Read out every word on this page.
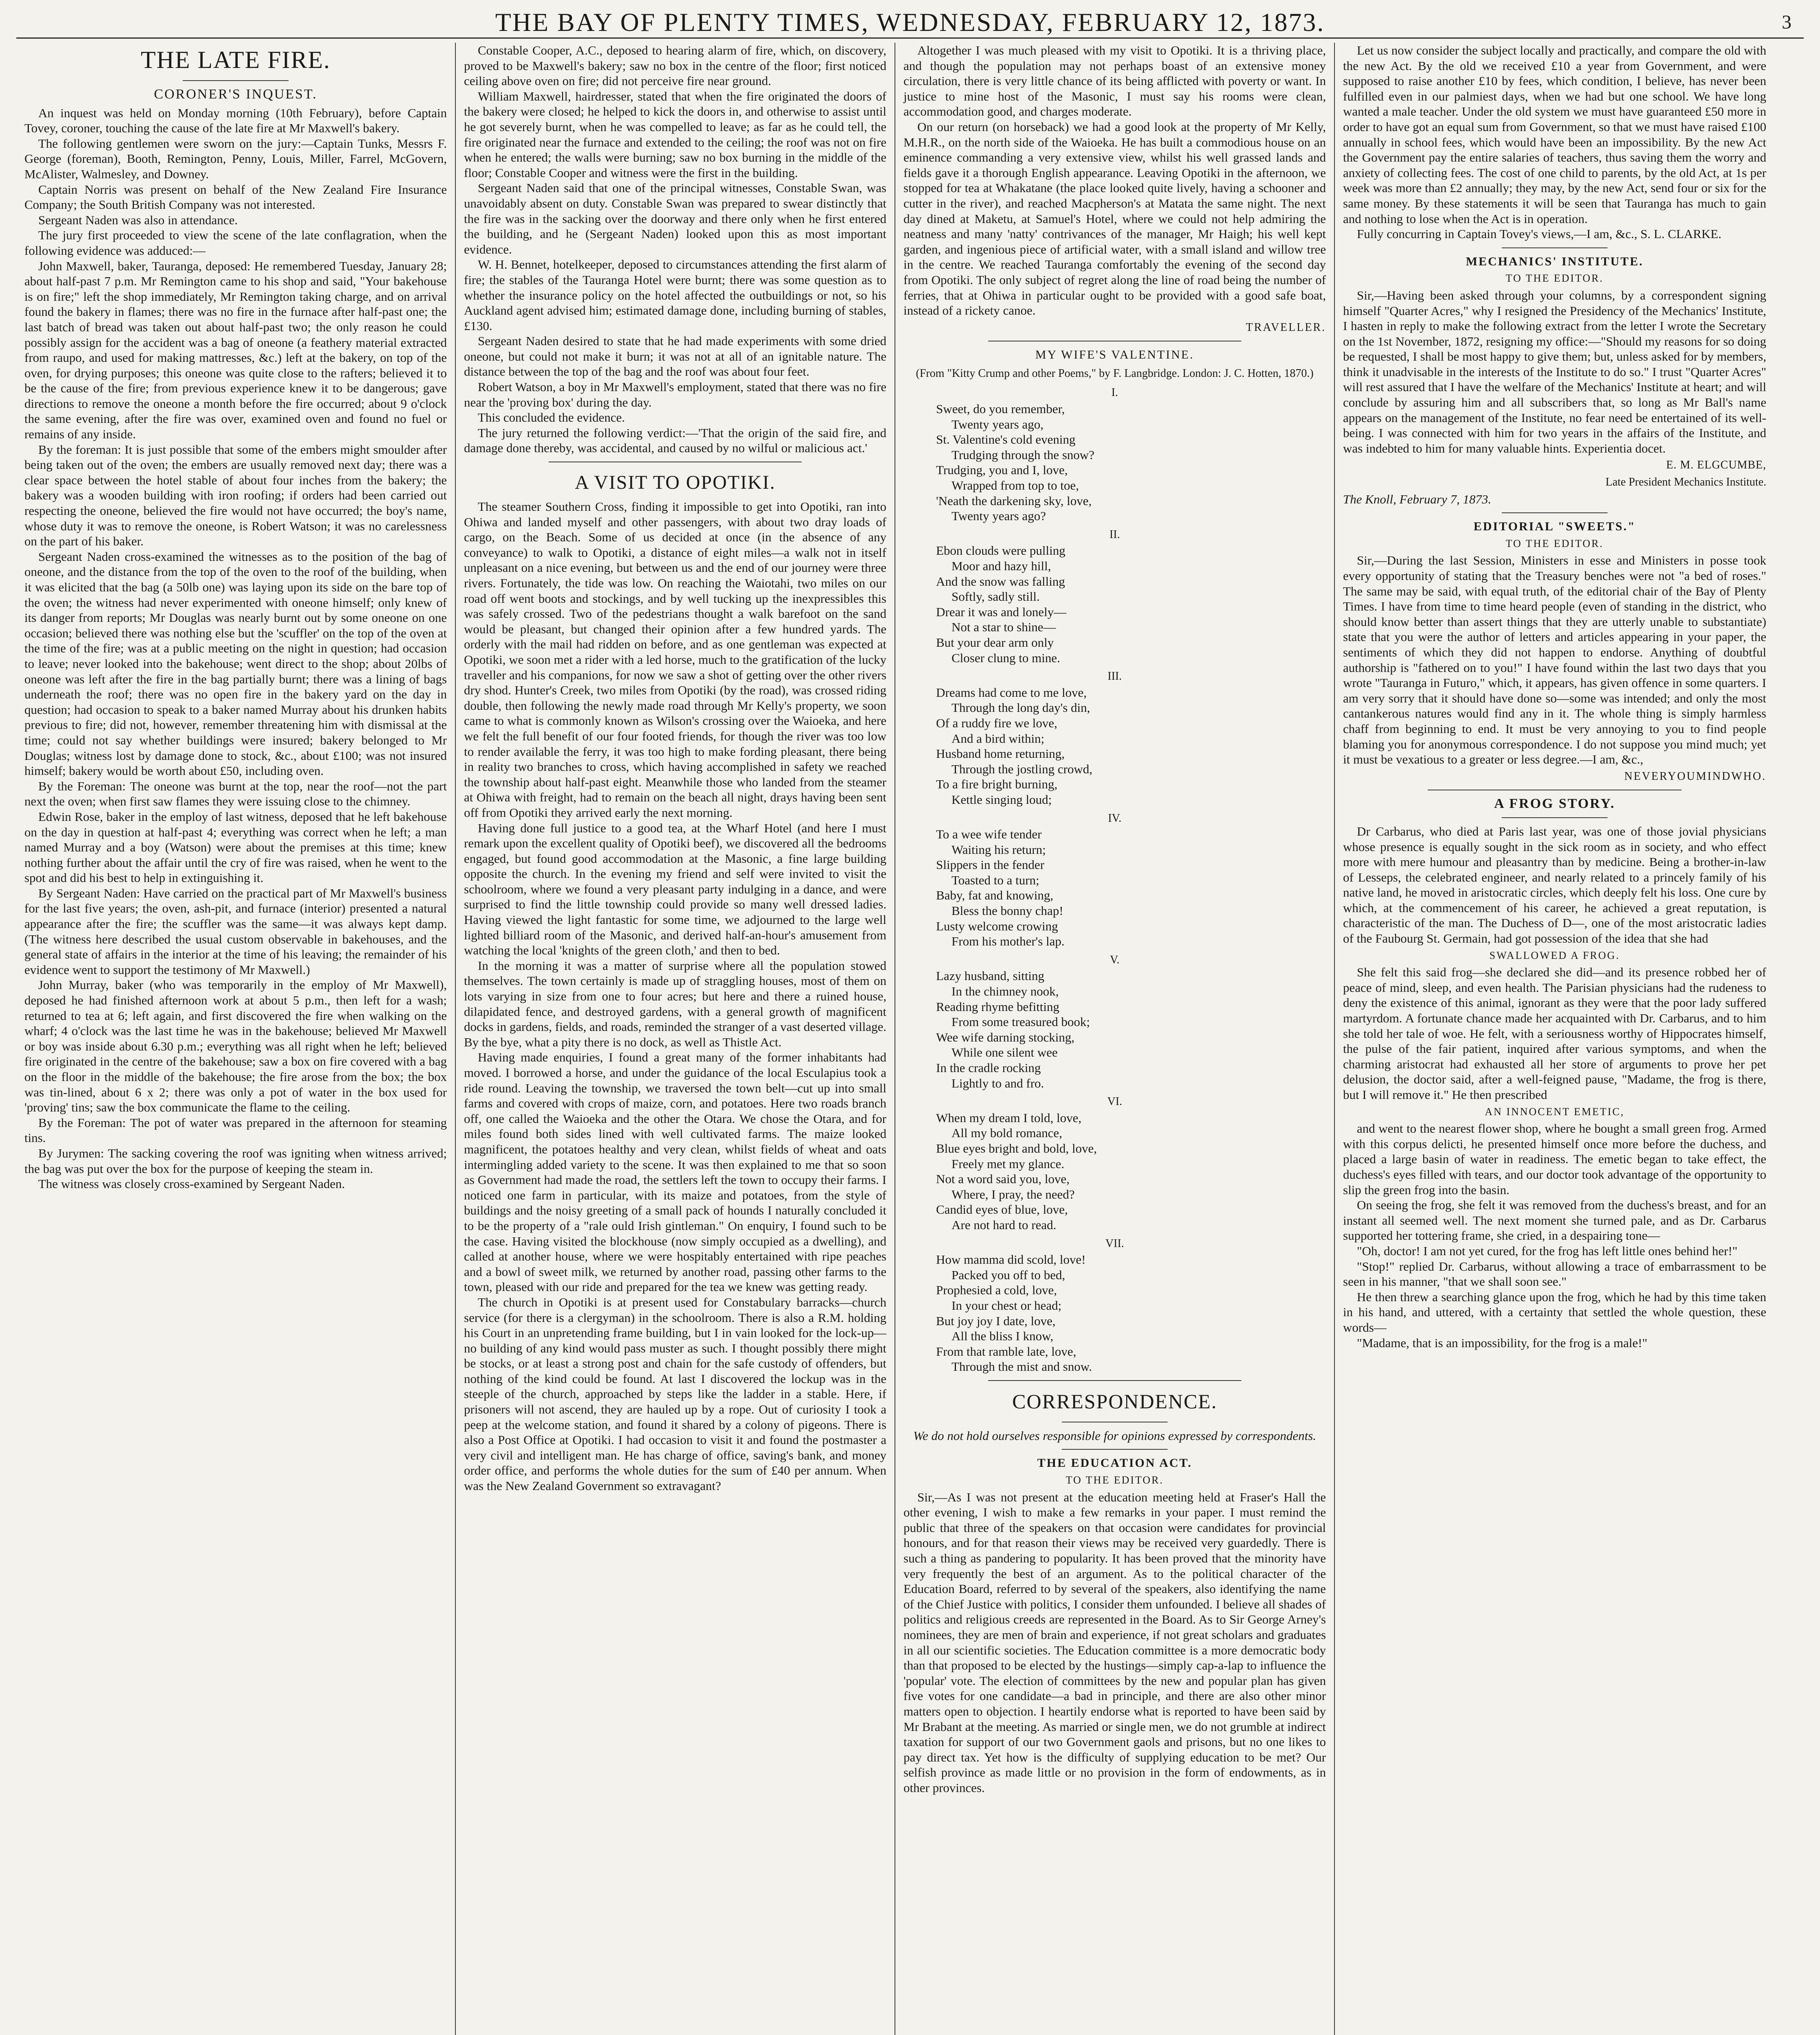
THE BAY OF PLENTY TIMES, WEDNESDAY, FEBRUARY 12, 1873.	3
THE LATE FIRE.
CORONER'S INQUEST.

An inquest was held on Monday morning (10th February), before Captain Tovey, coroner, touching the cause of the late fire at Mr Maxwell's bakery.

The following gentlemen were sworn on the jury:—Captain Tunks, Messrs F. George (foreman), Booth, Remington, Penny, Louis, Miller, Farrel, McGovern, McAlister, Walmesley, and Downey.

Captain Norris was present on behalf of the New Zealand Fire Insurance Company; the South British Company was not interested.

Sergeant Naden was also in attendance.

The jury first proceeded to view the scene of the late conflagration, when the following evidence was adduced:—

John Maxwell, baker, Tauranga, deposed: He remembered Tuesday, January 28; about half-past 7 p.m. Mr Remington came to his shop and said, "Your bakehouse is on fire;" left the shop immediately, Mr Remington taking charge, and on arrival found the bakery in flames; there was no fire in the furnace after half-past one; the last batch of bread was taken out about half-past two; the only reason he could possibly assign for the accident was a bag of oneone (a feathery material extracted from raupo, and used for making mattresses, &c.) left at the bakery, on top of the oven, for drying purposes; this oneone was quite close to the rafters; believed it to be the cause of the fire; from previous experience knew it to be dangerous; gave directions to remove the oneone a month before the fire occurred; about 9 o'clock the same evening, after the fire was over, examined oven and found no fuel or remains of any inside.

By the foreman: It is just possible that some of the embers might smoulder after being taken out of the oven; the embers are usually removed next day; there was a clear space between the hotel stable of about four inches from the bakery; the bakery was a wooden building with iron roofing; if orders had been carried out respecting the oneone, believed the fire would not have occurred; the boy's name, whose duty it was to remove the oneone, is Robert Watson; it was no carelessness on the part of his baker.

Sergeant Naden cross-examined the witnesses as to the position of the bag of oneone, and the distance from the top of the oven to the roof of the building, when it was elicited that the bag (a 50lb one) was laying upon its side on the bare top of the oven; the witness had never experimented with oneone himself; only knew of its danger from reports; Mr Douglas was nearly burnt out by some oneone on one occasion; believed there was nothing else but the 'scuffler' on the top of the oven at the time of the fire; was at a public meeting on the night in question; had occasion to leave; never looked into the bakehouse; went direct to the shop; about 20lbs of oneone was left after the fire in the bag partially burnt; there was a lining of bags underneath the roof; there was no open fire in the bakery yard on the day in question; had occasion to speak to a baker named Murray about his drunken habits previous to fire; did not, however, remember threatening him with dismissal at the time; could not say whether buildings were insured; bakery belonged to Mr Douglas; witness lost by damage done to stock, &c., about £100; was not insured himself; bakery would be worth about £50, including oven.

By the Foreman: The oneone was burnt at the top, near the roof—not the part next the oven; when first saw flames they were issuing close to the chimney.

Edwin Rose, baker in the employ of last witness, deposed that he left bakehouse on the day in question at half-past 4; everything was correct when he left; a man named Murray and a boy (Watson) were about the premises at this time; knew nothing further about the affair until the cry of fire was raised, when he went to the spot and did his best to help in extinguishing it.

By Sergeant Naden: Have carried on the practical part of Mr Maxwell's business for the last five years; the oven, ash-pit, and furnace (interior) presented a natural appearance after the fire; the scuffler was the same—it was always kept damp. (The witness here described the usual custom observable in bakehouses, and the general state of affairs in the interior at the time of his leaving; the remainder of his evidence went to support the testimony of Mr Maxwell.)

John Murray, baker (who was temporarily in the employ of Mr Maxwell), deposed he had finished afternoon work at about 5 p.m., then left for a wash; returned to tea at 6; left again, and first discovered the fire when walking on the wharf; 4 o'clock was the last time he was in the bakehouse; believed Mr Maxwell or boy was inside about 6.30 p.m.; everything was all right when he left; believed fire originated in the centre of the bakehouse; saw a box on fire covered with a bag on the floor in the middle of the bakehouse; the fire arose from the box; the box was tin-lined, about 6 x 2; there was only a pot of water in the box used for 'proving' tins; saw the box communicate the flame to the ceiling.

By the Foreman: The pot of water was prepared in the afternoon for steaming tins.

By Jurymen: The sacking covering the roof was igniting when witness arrived; the bag was put over the box for the purpose of keeping the steam in.

The witness was closely cross-examined by Sergeant Naden.

Constable Cooper, A.C., deposed to hearing alarm of fire, which, on discovery, proved to be Maxwell's bakery; saw no box in the centre of the floor; first noticed ceiling above oven on fire; did not perceive fire near ground.

William Maxwell, hairdresser, stated that when the fire originated the doors of the bakery were closed; he helped to kick the doors in, and otherwise to assist until he got severely burnt, when he was compelled to leave; as far as he could tell, the fire originated near the furnace and extended to the ceiling; the roof was not on fire when he entered; the walls were burning; saw no box burning in the middle of the floor; Constable Cooper and witness were the first in the building.

Sergeant Naden said that one of the principal witnesses, Constable Swan, was unavoidably absent on duty. Constable Swan was prepared to swear distinctly that the fire was in the sacking over the doorway and there only when he first entered the building, and he (Sergeant Naden) looked upon this as most important evidence.

W. H. Bennet, hotelkeeper, deposed to circumstances attending the first alarm of fire; the stables of the Tauranga Hotel were burnt; there was some question as to whether the insurance policy on the hotel affected the outbuildings or not, so his Auckland agent advised him; estimated damage done, including burning of stables, £130.

Sergeant Naden desired to state that he had made experiments with some dried oneone, but could not make it burn; it was not at all of an ignitable nature. The distance between the top of the bag and the roof was about four feet.

Robert Watson, a boy in Mr Maxwell's employment, stated that there was no fire near the 'proving box' during the day.

This concluded the evidence.

The jury returned the following verdict:—'That the origin of the said fire, and damage done thereby, was accidental, and caused by no wilful or malicious act.'

A VISIT TO OPOTIKI.

The steamer Southern Cross, finding it impossible to get into Opotiki, ran into Ohiwa and landed myself and other passengers, with about two dray loads of cargo, on the Beach. Some of us decided at once (in the absence of any conveyance) to walk to Opotiki, a distance of eight miles—a walk not in itself unpleasant on a nice evening, but between us and the end of our journey were three rivers. Fortunately, the tide was low. On reaching the Waiotahi, two miles on our road off went boots and stockings, and by well tucking up the inexpressibles this was safely crossed. Two of the pedestrians thought a walk barefoot on the sand would be pleasant, but changed their opinion after a few hundred yards. The orderly with the mail had ridden on before, and as one gentleman was expected at Opotiki, we soon met a rider with a led horse, much to the gratification of the lucky traveller and his companions, for now we saw a shot of getting over the other rivers dry shod. Hunter's Creek, two miles from Opotiki (by the road), was crossed riding double, then following the newly made road through Mr Kelly's property, we soon came to what is commonly known as Wilson's crossing over the Waioeka, and here we felt the full benefit of our four footed friends, for though the river was too low to render available the ferry, it was too high to make fording pleasant, there being in reality two branches to cross, which having accomplished in safety we reached the township about half-past eight. Meanwhile those who landed from the steamer at Ohiwa with freight, had to remain on the beach all night, drays having been sent off from Opotiki they arrived early the next morning.

Having done full justice to a good tea, at the Wharf Hotel (and here I must remark upon the excellent quality of Opotiki beef), we discovered all the bedrooms engaged, but found good accommodation at the Masonic, a fine large building opposite the church. In the evening my friend and self were invited to visit the schoolroom, where we found a very pleasant party indulging in a dance, and were surprised to find the little township could provide so many well dressed ladies. Having viewed the light fantastic for some time, we adjourned to the large well lighted billiard room of the Masonic, and derived half-an-hour's amusement from watching the local 'knights of the green cloth,' and then to bed.

In the morning it was a matter of surprise where all the population stowed themselves. The town certainly is made up of straggling houses, most of them on lots varying in size from one to four acres; but here and there a ruined house, dilapidated fence, and destroyed gardens, with a general growth of magnificent docks in gardens, fields, and roads, reminded the stranger of a vast deserted village. By the bye, what a pity there is no dock, as well as Thistle Act.

Having made enquiries, I found a great many of the former inhabitants had moved. I borrowed a horse, and under the guidance of the local Esculapius took a ride round. Leaving the township, we traversed the town belt—cut up into small farms and covered with crops of maize, corn, and potatoes. Here two roads branch off, one called the Waioeka and the other the Otara. We chose the Otara, and for miles found both sides lined with well cultivated farms. The maize looked magnificent, the potatoes healthy and very clean, whilst fields of wheat and oats intermingling added variety to the scene. It was then explained to me that so soon as Government had made the road, the settlers left the town to occupy their farms. I noticed one farm in particular, with its maize and potatoes, from the style of buildings and the noisy greeting of a small pack of hounds I naturally concluded it to be the property of a "rale ould Irish gintleman." On enquiry, I found such to be the case. Having visited the blockhouse (now simply occupied as a dwelling), and called at another house, where we were hospitably entertained with ripe peaches and a bowl of sweet milk, we returned by another road, passing other farms to the town, pleased with our ride and prepared for the tea we knew was getting ready.

The church in Opotiki is at present used for Constabulary barracks—church service (for there is a clergyman) in the schoolroom. There is also a R.M. holding his Court in an unpretending frame building, but I in vain looked for the lock-up—no building of any kind would pass muster as such. I thought possibly there might be stocks, or at least a strong post and chain for the safe custody of offenders, but nothing of the kind could be found. At last I discovered the lockup was in the steeple of the church, approached by steps like the ladder in a stable. Here, if prisoners will not ascend, they are hauled up by a rope. Out of curiosity I took a peep at the welcome station, and found it shared by a colony of pigeons. There is also a Post Office at Opotiki. I had occasion to visit it and found the postmaster a very civil and intelligent man. He has charge of office, saving's bank, and money order office, and performs the whole duties for the sum of £40 per annum. When was the New Zealand Government so extravagant?

Altogether I was much pleased with my visit to Opotiki. It is a thriving place, and though the population may not perhaps boast of an extensive money circulation, there is very little chance of its being afflicted with poverty or want. In justice to mine host of the Masonic, I must say his rooms were clean, accommodation good, and charges moderate.

On our return (on horseback) we had a good look at the property of Mr Kelly, M.H.R., on the north side of the Waioeka. He has built a commodious house on an eminence commanding a very extensive view, whilst his well grassed lands and fields gave it a thorough English appearance. Leaving Opotiki in the afternoon, we stopped for tea at Whakatane (the place looked quite lively, having a schooner and cutter in the river), and reached Macpherson's at Matata the same night. The next day dined at Maketu, at Samuel's Hotel, where we could not help admiring the neatness and many 'natty' contrivances of the manager, Mr Haigh; his well kept garden, and ingenious piece of artificial water, with a small island and willow tree in the centre. We reached Tauranga comfortably the evening of the second day from Opotiki. The only subject of regret along the line of road being the number of ferries, that at Ohiwa in particular ought to be provided with a good safe boat, instead of a rickety canoe.

TRAVELLER.
MY WIFE'S VALENTINE.
(From "Kitty Crump and other Poems," by F. Langbridge. London: J. C. Hotten, 1870.)
I.
Sweet, do you remember,
Twenty years ago,
St. Valentine's cold evening
Trudging through the snow?
Trudging, you and I, love,
Wrapped from top to toe,
'Neath the darkening sky, love,
Twenty years ago?
II.
Ebon clouds were pulling
Moor and hazy hill,
And the snow was falling
Softly, sadly still.
Drear it was and lonely—
Not a star to shine—
But your dear arm only
Closer clung to mine.
III.
Dreams had come to me love,
Through the long day's din,
Of a ruddy fire we love,
And a bird within;
Husband home returning,
Through the jostling crowd,
To a fire bright burning,
Kettle singing loud;
IV.
To a wee wife tender
Waiting his return;
Slippers in the fender
Toasted to a turn;
Baby, fat and knowing,
Bless the bonny chap!
Lusty welcome crowing
From his mother's lap.
V.
Lazy husband, sitting
In the chimney nook,
Reading rhyme befitting
From some treasured book;
Wee wife darning stocking,
While one silent wee
In the cradle rocking
Lightly to and fro.
VI.
When my dream I told, love,
All my bold romance,
Blue eyes bright and bold, love,
Freely met my glance.
Not a word said you, love,
Where, I pray, the need?
Candid eyes of blue, love,
Are not hard to read.
VII.
How mamma did scold, love!
Packed you off to bed,
Prophesied a cold, love,
In your chest or head;
But joy joy I date, love,
All the bliss I know,
From that ramble late, love,
Through the mist and snow.
CORRESPONDENCE.

We do not hold ourselves responsible for opinions expressed by correspondents.

THE EDUCATION ACT.
TO THE EDITOR.

Sir,—As I was not present at the education meeting held at Fraser's Hall the other evening, I wish to make a few remarks in your paper. I must remind the public that three of the speakers on that occasion were candidates for provincial honours, and for that reason their views may be received very guardedly. There is such a thing as pandering to popularity. It has been proved that the minority have very frequently the best of an argument. As to the political character of the Education Board, referred to by several of the speakers, also identifying the name of the Chief Justice with politics, I consider them unfounded. I believe all shades of politics and religious creeds are represented in the Board. As to Sir George Arney's nominees, they are men of brain and experience, if not great scholars and graduates in all our scientific societies. The Education committee is a more democratic body than that proposed to be elected by the hustings—simply cap-a-lap to influence the 'popular' vote. The election of committees by the new and popular plan has given five votes for one candidate—a bad in principle, and there are also other minor matters open to objection. I heartily endorse what is reported to have been said by Mr Brabant at the meeting. As married or single men, we do not grumble at indirect taxation for support of our two Government gaols and prisons, but no one likes to pay direct tax. Yet how is the difficulty of supplying education to be met? Our selfish province as made little or no provision in the form of endowments, as in other provinces.

Let us now consider the subject locally and practically, and compare the old with the new Act. By the old we received £10 a year from Government, and were supposed to raise another £10 by fees, which condition, I believe, has never been fulfilled even in our palmiest days, when we had but one school. We have long wanted a male teacher. Under the old system we must have guaranteed £50 more in order to have got an equal sum from Government, so that we must have raised £100 annually in school fees, which would have been an impossibility. By the new Act the Government pay the entire salaries of teachers, thus saving them the worry and anxiety of collecting fees. The cost of one child to parents, by the old Act, at 1s per week was more than £2 annually; they may, by the new Act, send four or six for the same money. By these statements it will be seen that Tauranga has much to gain and nothing to lose when the Act is in operation.

Fully concurring in Captain Tovey's views,—I am, &c., S. L. CLARKE.

MECHANICS' INSTITUTE.
TO THE EDITOR.

Sir,—Having been asked through your columns, by a correspondent signing himself "Quarter Acres," why I resigned the Presidency of the Mechanics' Institute, I hasten in reply to make the following extract from the letter I wrote the Secretary on the 1st November, 1872, resigning my office:—"Should my reasons for so doing be requested, I shall be most happy to give them; but, unless asked for by members, think it unadvisable in the interests of the Institute to do so." I trust "Quarter Acres" will rest assured that I have the welfare of the Mechanics' Institute at heart; and will conclude by assuring him and all subscribers that, so long as Mr Ball's name appears on the management of the Institute, no fear need be entertained of its well-being. I was connected with him for two years in the affairs of the Institute, and was indebted to him for many valuable hints. Experientia docet.

E. M. ELGCUMBE,
Late President Mechanics Institute.

The Knoll, February 7, 1873.

EDITORIAL "SWEETS."
TO THE EDITOR.

Sir,—During the last Session, Ministers in esse and Ministers in posse took every opportunity of stating that the Treasury benches were not "a bed of roses." The same may be said, with equal truth, of the editorial chair of the Bay of Plenty Times. I have from time to time heard people (even of standing in the district, who should know better than assert things that they are utterly unable to substantiate) state that you were the author of letters and articles appearing in your paper, the sentiments of which they did not happen to endorse. Anything of doubtful authorship is "fathered on to you!" I have found within the last two days that you wrote "Tauranga in Futuro," which, it appears, has given offence in some quarters. I am very sorry that it should have done so—some was intended; and only the most cantankerous natures would find any in it. The whole thing is simply harmless chaff from beginning to end. It must be very annoying to you to find people blaming you for anonymous correspondence. I do not suppose you mind much; yet it must be vexatious to a greater or less degree.—I am, &c.,

NEVERYOUMINDWHO.
A FROG STORY.

Dr Carbarus, who died at Paris last year, was one of those jovial physicians whose presence is equally sought in the sick room as in society, and who effect more with mere humour and pleasantry than by medicine. Being a brother-in-law of Lesseps, the celebrated engineer, and nearly related to a princely family of his native land, he moved in aristocratic circles, which deeply felt his loss. One cure by which, at the commencement of his career, he achieved a great reputation, is characteristic of the man. The Duchess of D—, one of the most aristocratic ladies of the Faubourg St. Germain, had got possession of the idea that she had

SWALLOWED A FROG.

She felt this said frog—she declared she did—and its presence robbed her of peace of mind, sleep, and even health. The Parisian physicians had the rudeness to deny the existence of this animal, ignorant as they were that the poor lady suffered martyrdom. A fortunate chance made her acquainted with Dr. Carbarus, and to him she told her tale of woe. He felt, with a seriousness worthy of Hippocrates himself, the pulse of the fair patient, inquired after various symptoms, and when the charming aristocrat had exhausted all her store of arguments to prove her pet delusion, the doctor said, after a well-feigned pause, "Madame, the frog is there, but I will remove it." He then prescribed

AN INNOCENT EMETIC,

and went to the nearest flower shop, where he bought a small green frog. Armed with this corpus delicti, he presented himself once more before the duchess, and placed a large basin of water in readiness. The emetic began to take effect, the duchess's eyes filled with tears, and our doctor took advantage of the opportunity to slip the green frog into the basin.

On seeing the frog, she felt it was removed from the duchess's breast, and for an instant all seemed well. The next moment she turned pale, and as Dr. Carbarus supported her tottering frame, she cried, in a despairing tone—

"Oh, doctor! I am not yet cured, for the frog has left little ones behind her!"

"Stop!" replied Dr. Carbarus, without allowing a trace of embarrassment to be seen in his manner, "that we shall soon see."

He then threw a searching glance upon the frog, which he had by this time taken in his hand, and uttered, with a certainty that settled the whole question, these words—

"Madame, that is an impossibility, for the frog is a male!"
